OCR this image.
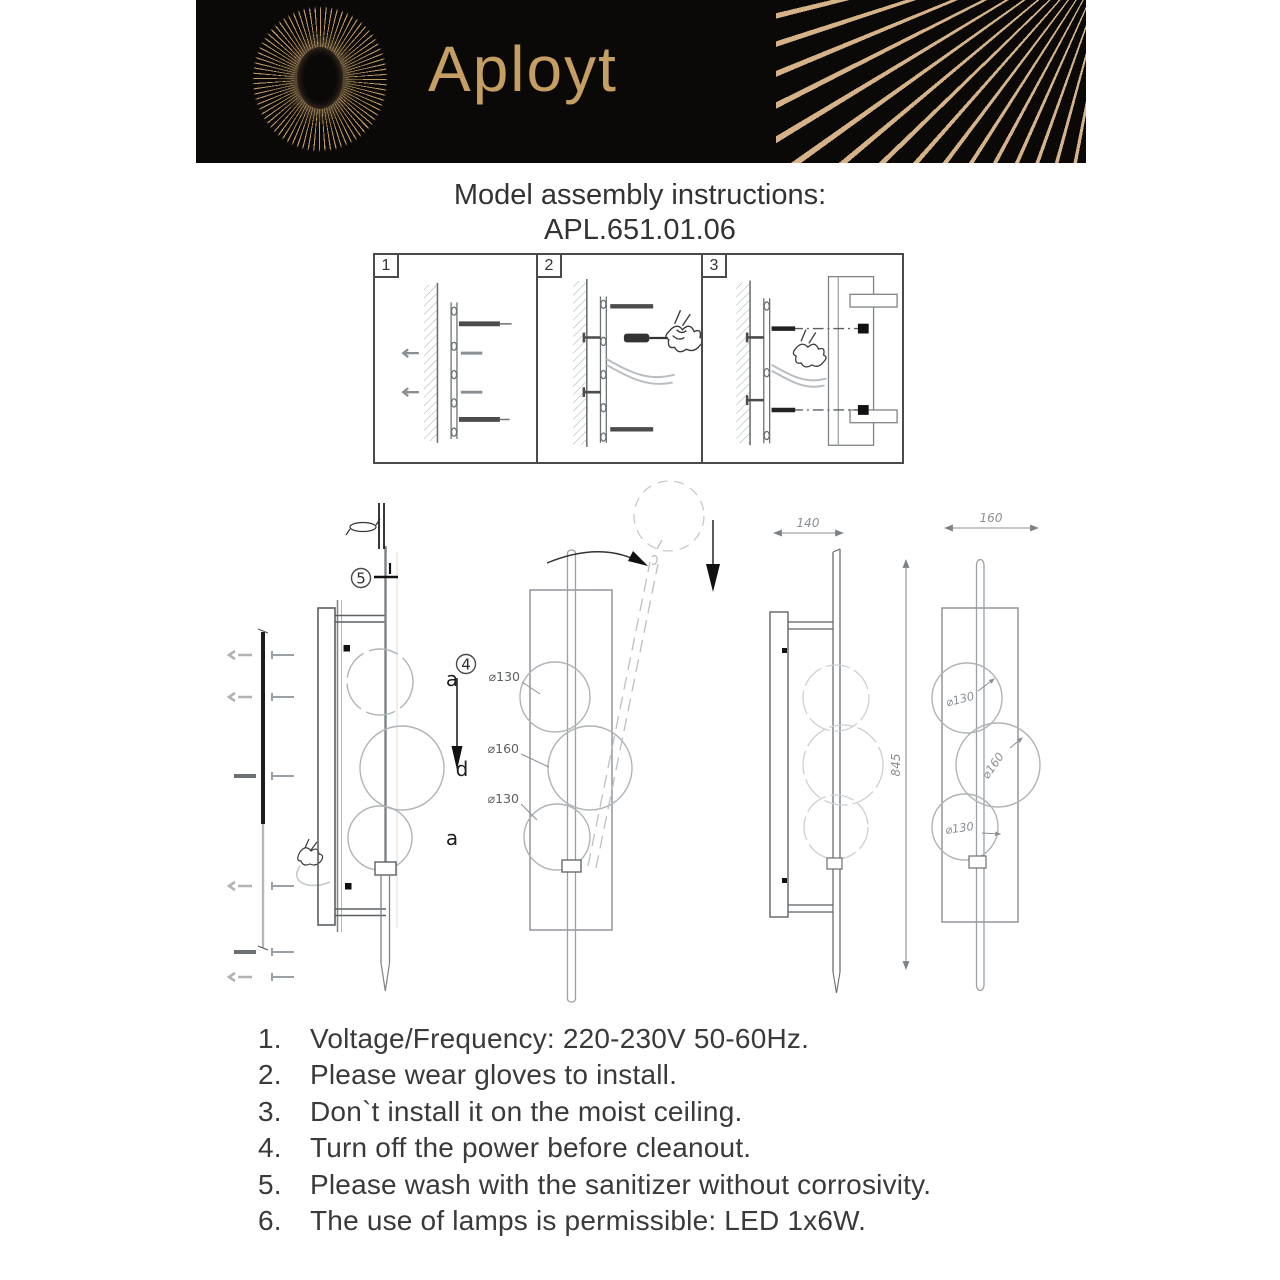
Aployt
Model assembly instructions:
APL.651.01.06
1	2	3
5
4
a
d
a
⌀130
⌀160
⌀130
140
845
160
⌀130
⌀160
⌀130
1.	Voltage/Frequency: 220-230V 50-60Hz.
2.	Please wear gloves to install.
3.	Don`t install it on the moist ceiling.
4.	Turn off the power before cleanout.
5.	Please wash with the sanitizer without corrosivity.
6.	The use of lamps is permissible: LED 1x6W.
